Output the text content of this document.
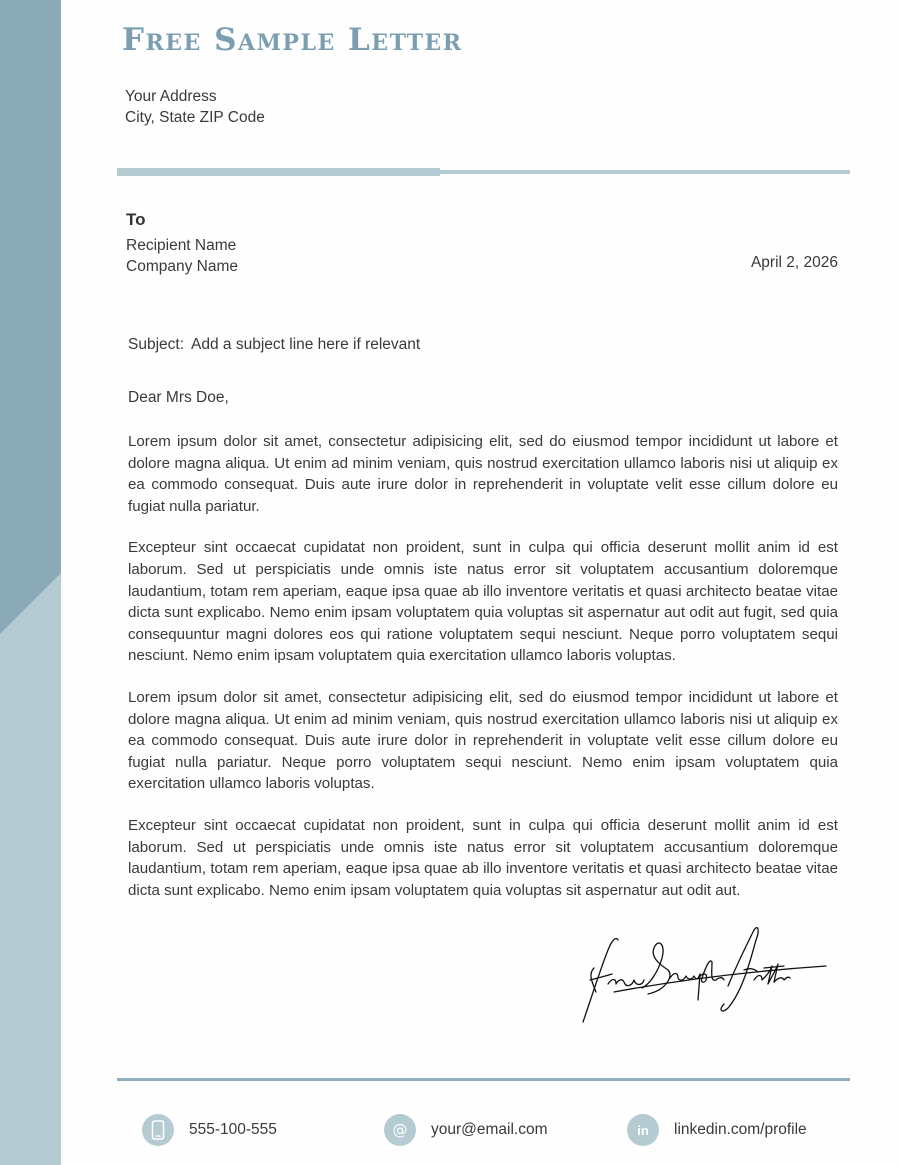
Free Sample Letter
Your Address
City, State ZIP Code
To
Recipient Name
Company Name	April 2, 2026
Subject: Add a subject line here if relevant
Dear Mrs Doe,

Lorem ipsum dolor sit amet, consectetur adipisicing elit, sed do eiusmod tempor incididunt ut labore et dolore magna aliqua. Ut enim ad minim veniam, quis nostrud exercitation ullamco laboris nisi ut aliquip ex ea commodo consequat. Duis aute irure dolor in reprehenderit in voluptate velit esse cillum dolore eu fugiat nulla pariatur.

Excepteur sint occaecat cupidatat non proident, sunt in culpa qui officia deserunt mollit anim id est laborum. Sed ut perspiciatis unde omnis iste natus error sit voluptatem accusantium doloremque laudantium, totam rem aperiam, eaque ipsa quae ab illo inventore veritatis et quasi architecto beatae vitae dicta sunt explicabo. Nemo enim ipsam voluptatem quia voluptas sit aspernatur aut odit aut fugit, sed quia consequuntur magni dolores eos qui ratione voluptatem sequi nesciunt. Neque porro voluptatem sequi nesciunt. Nemo enim ipsam voluptatem quia exercitation ullamco laboris voluptas.

Lorem ipsum dolor sit amet, consectetur adipisicing elit, sed do eiusmod tempor incididunt ut labore et dolore magna aliqua. Ut enim ad minim veniam, quis nostrud exercitation ullamco laboris nisi ut aliquip ex ea commodo consequat. Duis aute irure dolor in reprehenderit in voluptate velit esse cillum dolore eu fugiat nulla pariatur. Neque porro voluptatem sequi nesciunt. Nemo enim ipsam voluptatem quia exercitation ullamco laboris voluptas.

Excepteur sint occaecat cupidatat non proident, sunt in culpa qui officia deserunt mollit anim id est laborum. Sed ut perspiciatis unde omnis iste natus error sit voluptatem accusantium doloremque laudantium, totam rem aperiam, eaque ipsa quae ab illo inventore veritatis et quasi architecto beatae vitae dicta sunt explicabo. Nemo enim ipsam voluptatem quia voluptas sit aspernatur aut odit aut.

555-100-555	@ your@email.com	in linkedin.com/profile
